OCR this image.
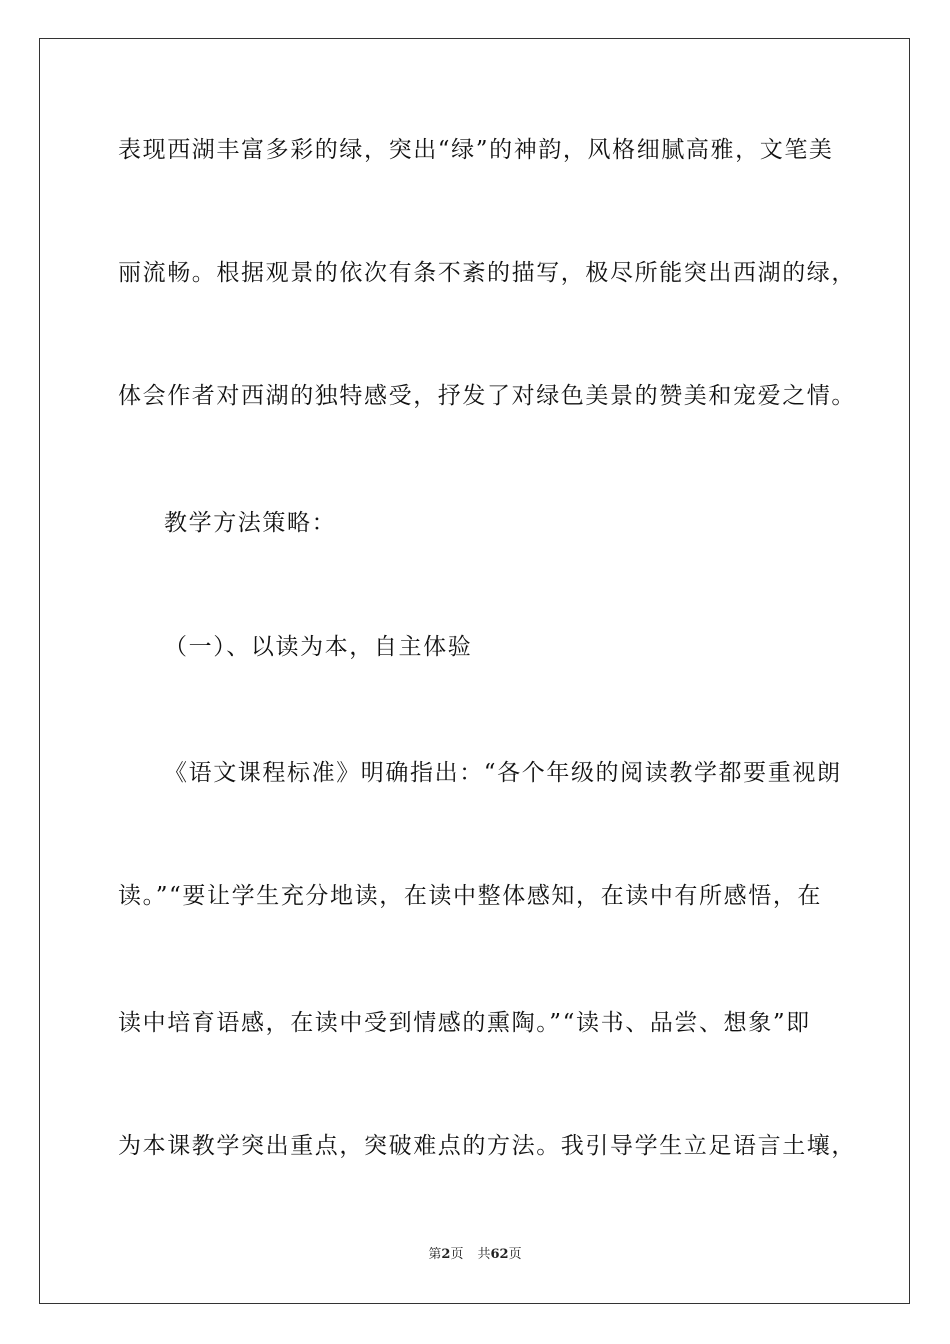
表现西湖丰富多彩的绿，突出“绿”的神韵，风格细腻高雅，文笔美
丽流畅。根据观景的依次有条不紊的描写，极尽所能突出西湖的绿，
体会作者对西湖的独特感受，抒发了对绿色美景的赞美和宠爱之情。
教学方法策略：
（一）、以读为本，自主体验
《语文课程标准》明确指出：“各个年级的阅读教学都要重视朗
读。”“要让学生充分地读，在读中整体感知，在读中有所感悟，在
读中培育语感，在读中受到情感的熏陶。”“读书、品尝、想象”即
为本课教学突出重点，突破难点的方法。我引导学生立足语言土壤，
第2页 共62页
